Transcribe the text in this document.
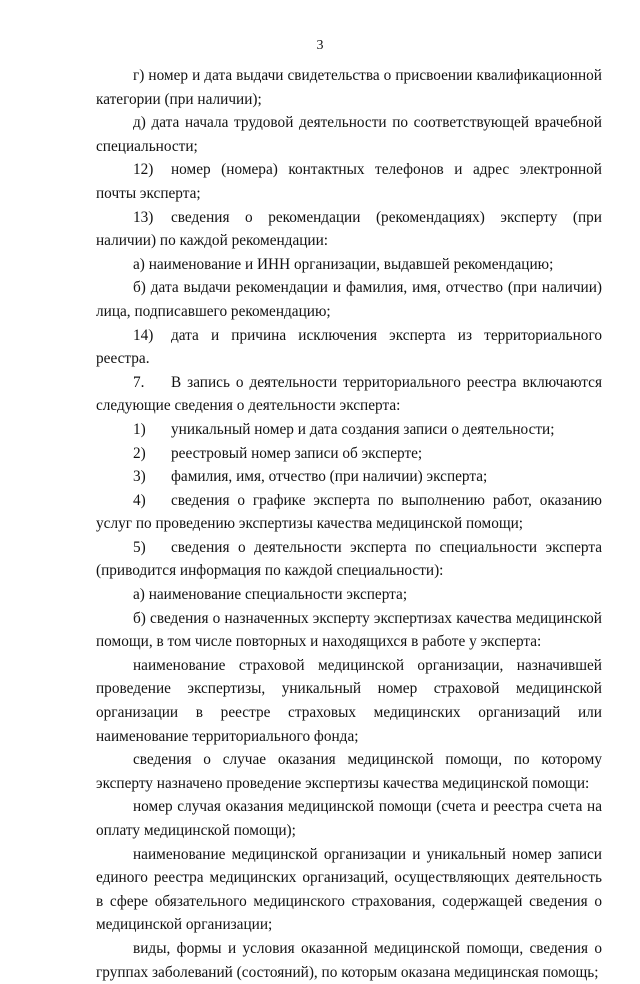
3

г) номер и дата выдачи свидетельства о присвоении квалификационной категории (при наличии);

д) дата начала трудовой деятельности по соответствующей врачебной специальности;

12)	номер (номера) контактных телефонов и адрес электронной

почты эксперта;

13)	сведения о рекомендации (рекомендациях) эксперту (при

наличии) по каждой рекомендации:

а) наименование и ИНН организации, выдавшей рекомендацию;

б) дата выдачи рекомендации и фамилия, имя, отчество (при наличии) лица, подписавшего рекомендацию;

14)	дата и причина исключения эксперта из территориального

реестра.

7.	В запись о деятельности территориального реестра включаются

следующие сведения о деятельности эксперта:

1)	уникальный номер и дата создания записи о деятельности;
2)	реестровый номер записи об эксперте;
3)	фамилия, имя, отчество (при наличии) эксперта;
4)	сведения о графике эксперта по выполнению работ, оказанию

услуг по проведению экспертизы качества медицинской помощи;

5)	сведения о деятельности эксперта по специальности эксперта

(приводится информация по каждой специальности):

а) наименование специальности эксперта;

б) сведения о назначенных эксперту экспертизах качества медицинской помощи, в том числе повторных и находящихся в работе у эксперта:

наименование страховой медицинской организации, назначившей проведение экспертизы, уникальный номер страховой медицинской организации в реестре страховых медицинских организаций или наименование территориального фонда;

сведения о случае оказания медицинской помощи, по которому эксперту назначено проведение экспертизы качества медицинской помощи:

номер случая оказания медицинской помощи (счета и реестра счета на оплату медицинской помощи);

наименование медицинской организации и уникальный номер записи единого реестра медицинских организаций, осуществляющих деятельность в сфере обязательного медицинского страхования, содержащей сведения о медицинской организации;

виды, формы и условия оказанной медицинской помощи, сведения о группах заболеваний (состояний), по которым оказана медицинская помощь;
